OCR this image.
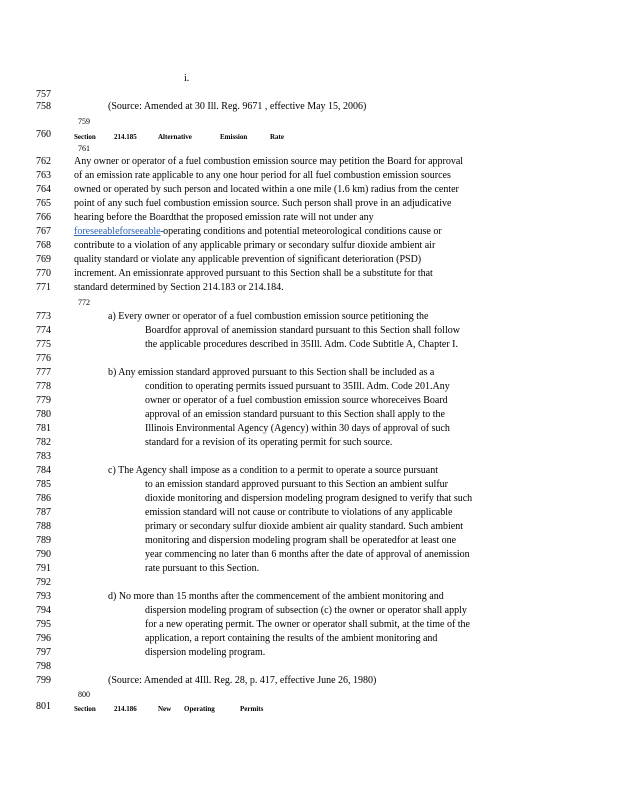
i.
757
758	(Source: Amended at 30 Ill. Reg. 9671 , effective May 15, 2006)
759
760	Section	214.185	Alternative	Emission	Rate
761
762 Any owner or operator of a fuel combustion emission source may petition the Board for approval
763 of an emission rate applicable to any one hour period for all fuel combustion emission sources
764 owned or operated by such person and located within a one mile (1.6 km) radius from the center
765 point of any such fuel combustion emission source. Such person shall prove in an adjudicative
766 hearing before the Boardthat the proposed emission rate will not under any
767 foreseeableforseeable operating conditions and potential meteorological conditions cause or
768 contribute to a violation of any applicable primary or secondary sulfur dioxide ambient air
769 quality standard or violate any applicable prevention of significant deterioration (PSD)
770 increment. An emissionrate approved pursuant to this Section shall be a substitute for that
771 standard determined by Section 214.183 or 214.184.
772
773	a) Every owner or operator of a fuel combustion emission source petitioning the
774	Boardfor approval of anemission standard pursuant to this Section shall follow
775	the applicable procedures described in 35Ill. Adm. Code Subtitle A, Chapter I.
776
777	b) Any emission standard approved pursuant to this Section shall be included as a
778	condition to operating permits issued pursuant to 35Ill. Adm. Code 201.Any
779	owner or operator of a fuel combustion emission source whoreceives Board
780	approval of an emission standard pursuant to this Section shall apply to the
781	Illinois Environmental Agency (Agency) within 30 days of approval of such
782	standard for a revision of its operating permit for such source.
783
784	c) The Agency shall impose as a condition to a permit to operate a source pursuant
785	to an emission standard approved pursuant to this Section an ambient sulfur
786	dioxide monitoring and dispersion modeling program designed to verify that such
787	emission standard will not cause or contribute to violations of any applicable
788	primary or secondary sulfur dioxide ambient air quality standard. Such ambient
789	monitoring and dispersion modeling program shall be operatedfor at least one
790	year commencing no later than 6 months after the date of approval of anemission
791	rate pursuant to this Section.
792
793	d) No more than 15 months after the commencement of the ambient monitoring and
794	dispersion modeling program of subsection (c) the owner or operator shall apply
795	for a new operating permit. The owner or operator shall submit, at the time of the
796	application, a report containing the results of the ambient monitoring and
797	dispersion modeling program.
798
799	(Source: Amended at 4Ill. Reg. 28, p. 417, effective June 26, 1980)
800
801	Section	214.186	New Operating	Permits
